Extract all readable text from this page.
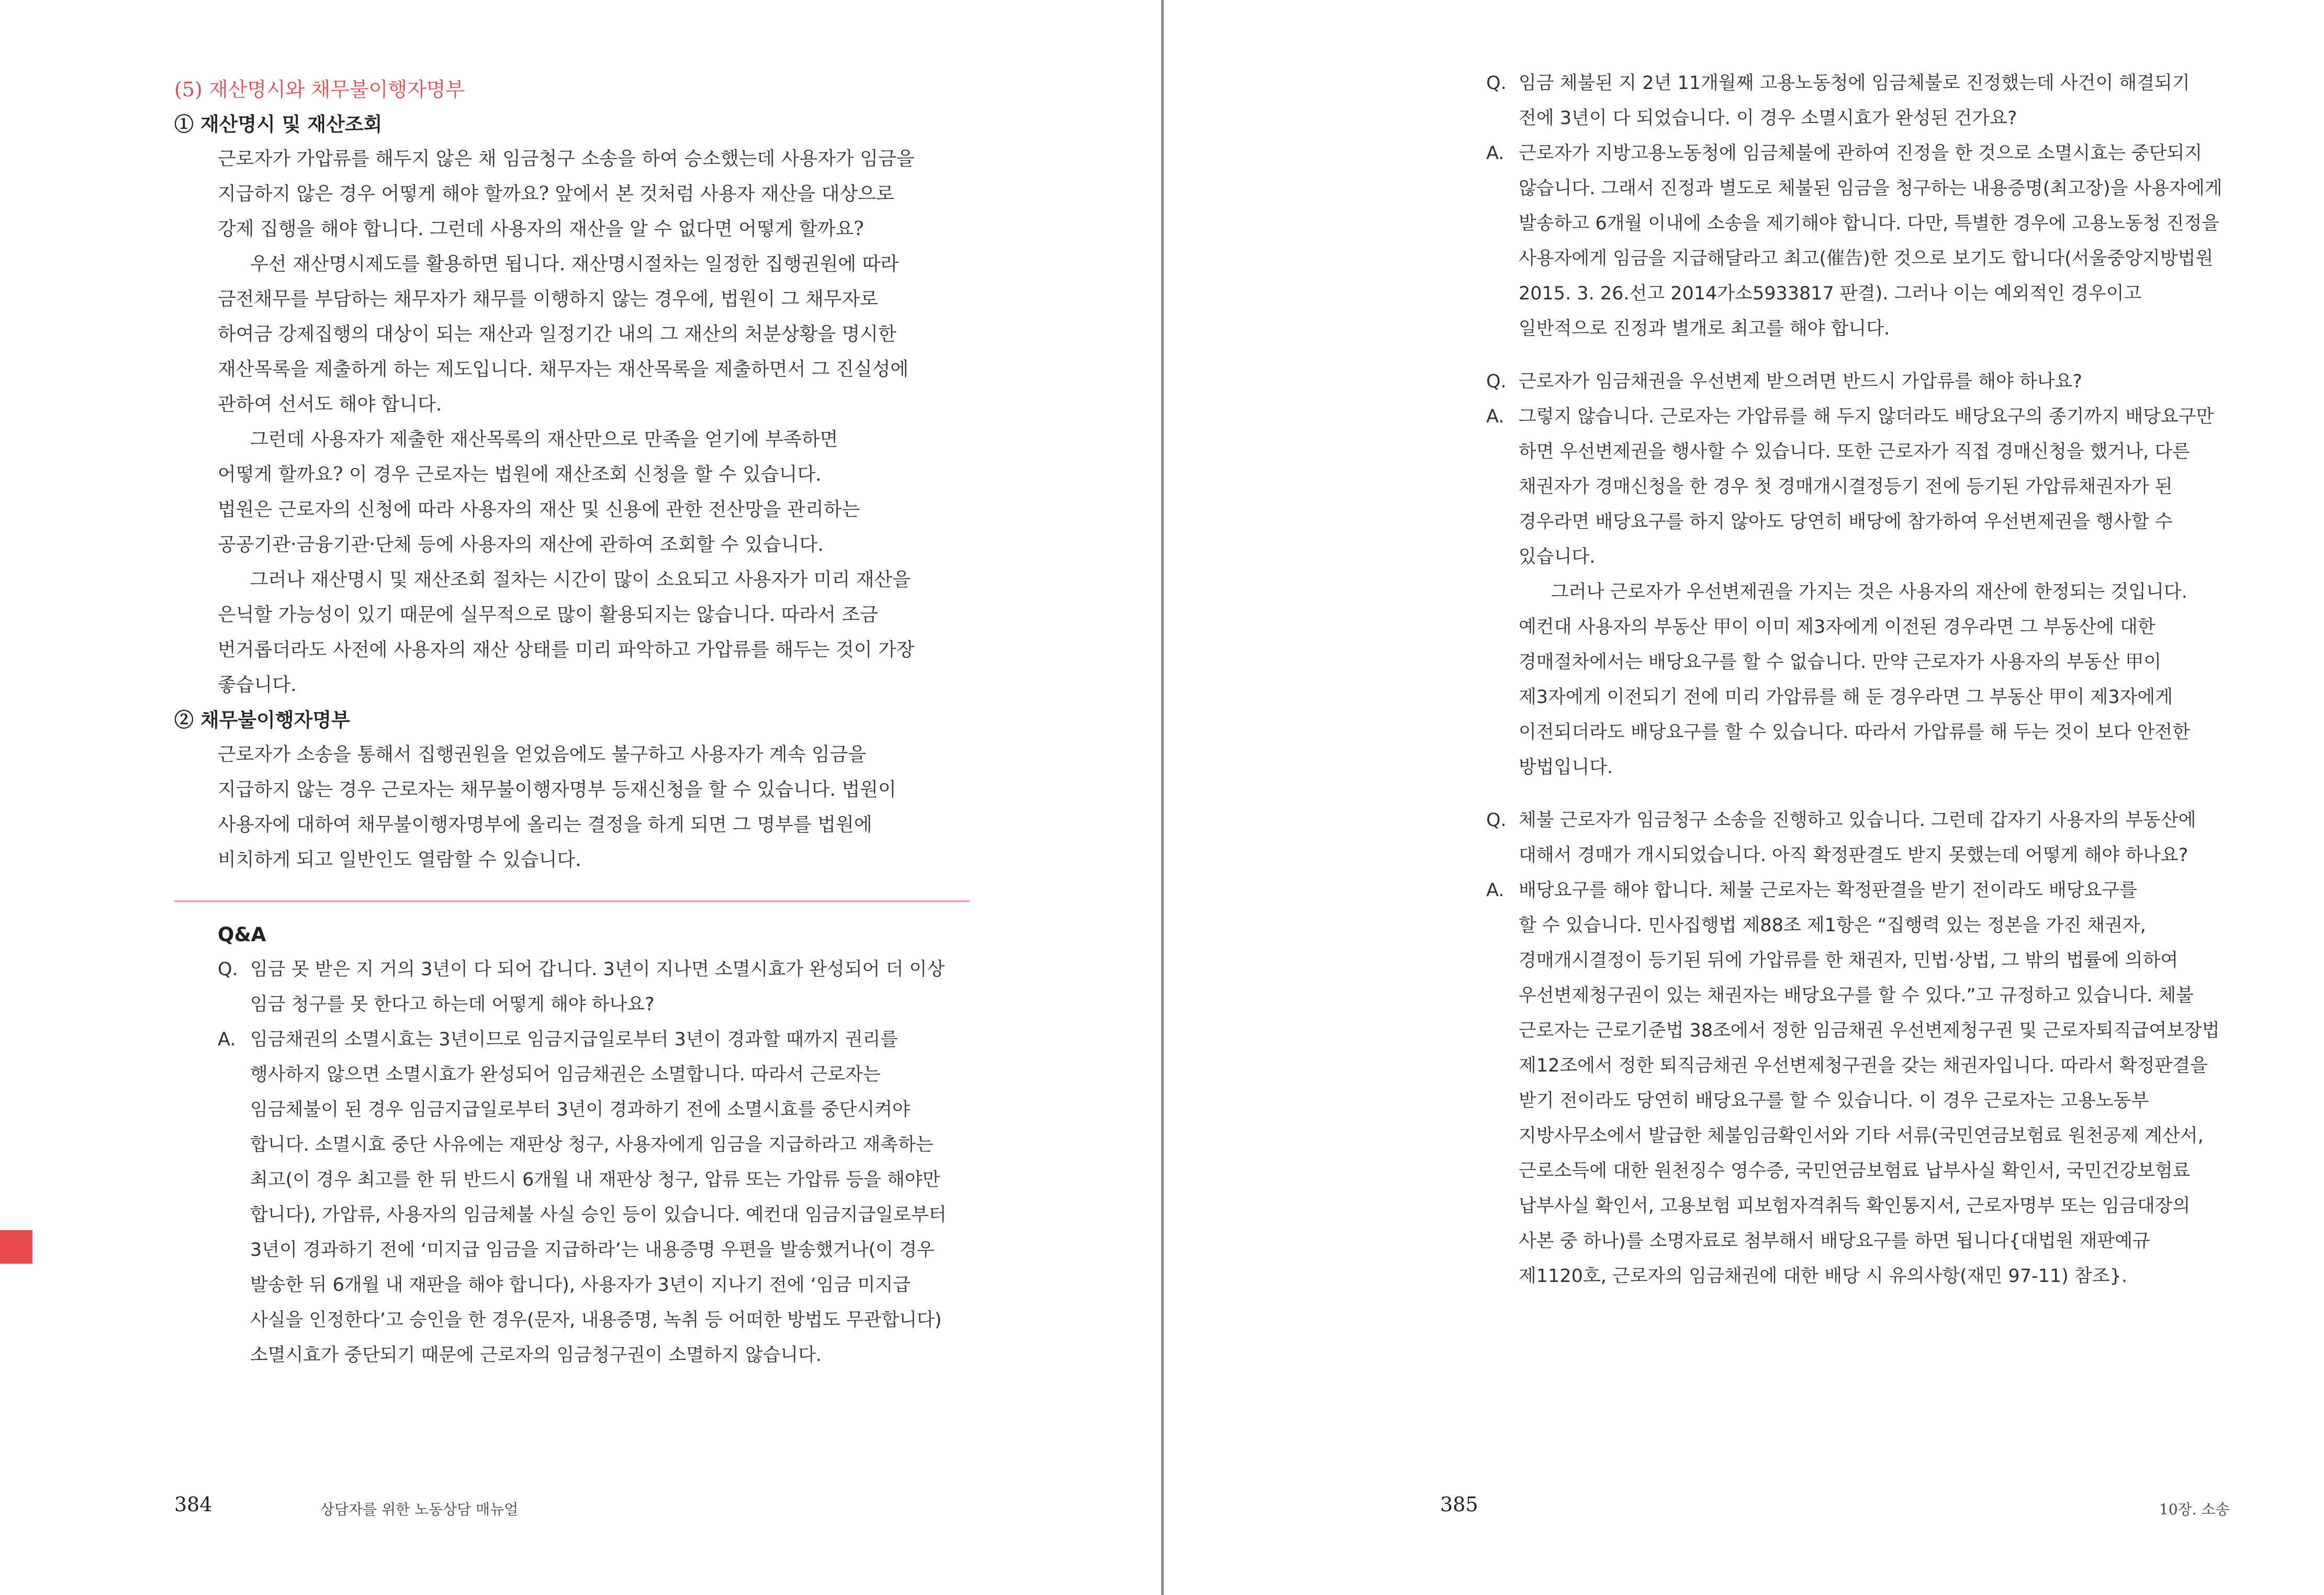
(5) 재산명시와 채무불이행자명부
① 재산명시 및 재산조회
근로자가 가압류를 해두지 않은 채 임금청구 소송을 하여 승소했는데 사용자가 임금을
지급하지 않은 경우 어떻게 해야 할까요? 앞에서 본 것처럼 사용자 재산을 대상으로
강제 집행을 해야 합니다. 그런데 사용자의 재산을 알 수 없다면 어떻게 할까요?
우선 재산명시제도를 활용하면 됩니다. 재산명시절차는 일정한 집행권원에 따라
금전채무를 부담하는 채무자가 채무를 이행하지 않는 경우에, 법원이 그 채무자로
하여금 강제집행의 대상이 되는 재산과 일정기간 내의 그 재산의 처분상황을 명시한
재산목록을 제출하게 하는 제도입니다. 채무자는 재산목록을 제출하면서 그 진실성에
관하여 선서도 해야 합니다.
그런데 사용자가 제출한 재산목록의 재산만으로 만족을 얻기에 부족하면
어떻게 할까요? 이 경우 근로자는 법원에 재산조회 신청을 할 수 있습니다.
법원은 근로자의 신청에 따라 사용자의 재산 및 신용에 관한 전산망을 관리하는
공공기관·금융기관·단체 등에 사용자의 재산에 관하여 조회할 수 있습니다.
그러나 재산명시 및 재산조회 절차는 시간이 많이 소요되고 사용자가 미리 재산을
은닉할 가능성이 있기 때문에 실무적으로 많이 활용되지는 않습니다. 따라서 조금
번거롭더라도 사전에 사용자의 재산 상태를 미리 파악하고 가압류를 해두는 것이 가장
좋습니다.
② 채무불이행자명부
근로자가 소송을 통해서 집행권원을 얻었음에도 불구하고 사용자가 계속 임금을
지급하지 않는 경우 근로자는 채무불이행자명부 등재신청을 할 수 있습니다. 법원이
사용자에 대하여 채무불이행자명부에 올리는 결정을 하게 되면 그 명부를 법원에
비치하게 되고 일반인도 열람할 수 있습니다.
Q&A
Q. 임금 못 받은 지 거의 3년이 다 되어 갑니다. 3년이 지나면 소멸시효가 완성되어 더 이상
임금 청구를 못 한다고 하는데 어떻게 해야 하나요?
A. 임금채권의 소멸시효는 3년이므로 임금지급일로부터 3년이 경과할 때까지 권리를
행사하지 않으면 소멸시효가 완성되어 임금채권은 소멸합니다. 따라서 근로자는
임금체불이 된 경우 임금지급일로부터 3년이 경과하기 전에 소멸시효를 중단시켜야
합니다. 소멸시효 중단 사유에는 재판상 청구, 사용자에게 임금을 지급하라고 재촉하는
최고(이 경우 최고를 한 뒤 반드시 6개월 내 재판상 청구, 압류 또는 가압류 등을 해야만
합니다), 가압류, 사용자의 임금체불 사실 승인 등이 있습니다. 예컨대 임금지급일로부터
3년이 경과하기 전에 ‘미지급 임금을 지급하라’는 내용증명 우편을 발송했거나(이 경우
발송한 뒤 6개월 내 재판을 해야 합니다), 사용자가 3년이 지나기 전에 ‘임금 미지급
사실을 인정한다’고 승인을 한 경우(문자, 내용증명, 녹취 등 어떠한 방법도 무관합니다)
소멸시효가 중단되기 때문에 근로자의 임금청구권이 소멸하지 않습니다.
384	상담자를 위한 노동상담 매뉴얼	385	10장. 소송
Q. 임금 체불된 지 2년 11개월째 고용노동청에 임금체불로 진정했는데 사건이 해결되기
전에 3년이 다 되었습니다. 이 경우 소멸시효가 완성된 건가요?
A. 근로자가 지방고용노동청에 임금체불에 관하여 진정을 한 것으로 소멸시효는 중단되지
않습니다. 그래서 진정과 별도로 체불된 임금을 청구하는 내용증명(최고장)을 사용자에게
발송하고 6개월 이내에 소송을 제기해야 합니다. 다만, 특별한 경우에 고용노동청 진정을
사용자에게 임금을 지급해달라고 최고(催告)한 것으로 보기도 합니다(서울중앙지방법원
2015. 3. 26.선고 2014가소5933817 판결). 그러나 이는 예외적인 경우이고
일반적으로 진정과 별개로 최고를 해야 합니다.
Q. 근로자가 임금채권을 우선변제 받으려면 반드시 가압류를 해야 하나요?
A. 그렇지 않습니다. 근로자는 가압류를 해 두지 않더라도 배당요구의 종기까지 배당요구만
하면 우선변제권을 행사할 수 있습니다. 또한 근로자가 직접 경매신청을 했거나, 다른
채권자가 경매신청을 한 경우 첫 경매개시결정등기 전에 등기된 가압류채권자가 된
경우라면 배당요구를 하지 않아도 당연히 배당에 참가하여 우선변제권을 행사할 수
있습니다.
그러나 근로자가 우선변제권을 가지는 것은 사용자의 재산에 한정되는 것입니다.
예컨대 사용자의 부동산 甲이 이미 제3자에게 이전된 경우라면 그 부동산에 대한
경매절차에서는 배당요구를 할 수 없습니다. 만약 근로자가 사용자의 부동산 甲이
제3자에게 이전되기 전에 미리 가압류를 해 둔 경우라면 그 부동산 甲이 제3자에게
이전되더라도 배당요구를 할 수 있습니다. 따라서 가압류를 해 두는 것이 보다 안전한
방법입니다.
Q. 체불 근로자가 임금청구 소송을 진행하고 있습니다. 그런데 갑자기 사용자의 부동산에
대해서 경매가 개시되었습니다. 아직 확정판결도 받지 못했는데 어떻게 해야 하나요?
A. 배당요구를 해야 합니다. 체불 근로자는 확정판결을 받기 전이라도 배당요구를
할 수 있습니다. 민사집행법 제88조 제1항은 “집행력 있는 정본을 가진 채권자,
경매개시결정이 등기된 뒤에 가압류를 한 채권자, 민법·상법, 그 밖의 법률에 의하여
우선변제청구권이 있는 채권자는 배당요구를 할 수 있다.”고 규정하고 있습니다. 체불
근로자는 근로기준법 38조에서 정한 임금채권 우선변제청구권 및 근로자퇴직급여보장법
제12조에서 정한 퇴직금채권 우선변제청구권을 갖는 채권자입니다. 따라서 확정판결을
받기 전이라도 당연히 배당요구를 할 수 있습니다. 이 경우 근로자는 고용노동부
지방사무소에서 발급한 체불임금확인서와 기타 서류(국민연금보험료 원천공제 계산서,
근로소득에 대한 원천징수 영수증, 국민연금보험료 납부사실 확인서, 국민건강보험료
납부사실 확인서, 고용보험 피보험자격취득 확인통지서, 근로자명부 또는 임금대장의
사본 중 하나)를 소명자료로 첨부해서 배당요구를 하면 됩니다{대법원 재판예규
제1120호, 근로자의 임금채권에 대한 배당 시 유의사항(재민 97-11) 참조}.
